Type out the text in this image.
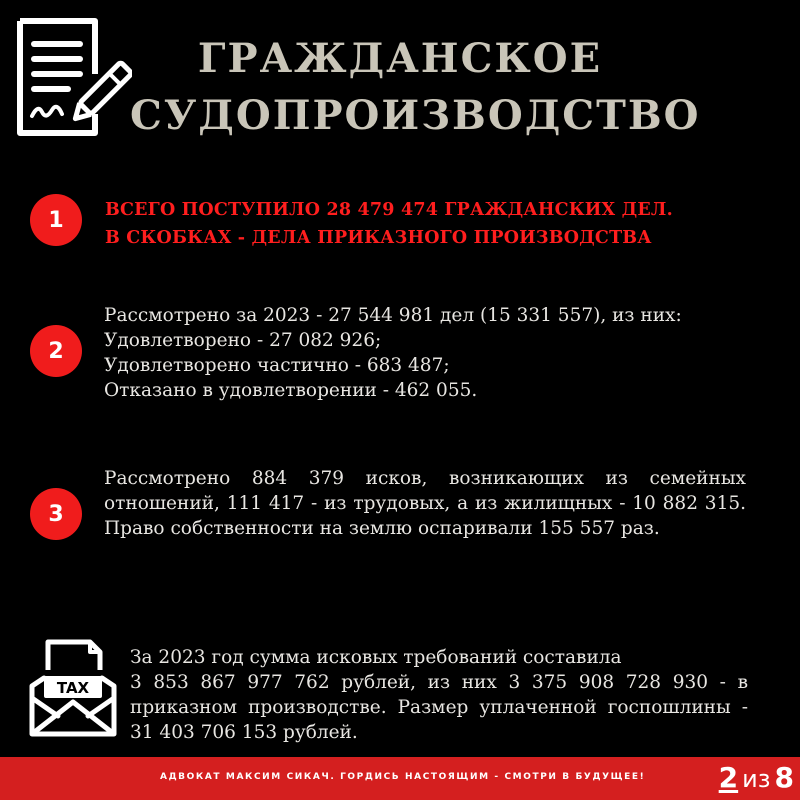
ГРАЖДАНСКОЕ
СУДОПРОИЗВОДСТВО
1	ВСЕГО ПОСТУПИЛО 28 479 474 ГРАЖДАНСКИХ ДЕЛ.
В СКОБКАХ - ДЕЛА ПРИКАЗНОГО ПРОИЗВОДСТВА
2
Рассмотрено за 2023 - 27 544 981 дел (15 331 557), из них:
Удовлетворено - 27 082 926;
Удовлетворено частично - 683 487;
Отказано в удовлетворении - 462 055.
3
Рассмотрено 884 379 исков, возникающих из семейных отношений, 111 417 - из трудовых, а из жилищных - 10 882 315. Право собственности на землю оспаривали 155 557 раз.
TAX
За 2023 год сумма исковых требований составила
3 853 867 977 762 рублей, из них 3 375 908 728 930 - в приказном производстве. Размер уплаченной госпошлины - 31 403 706 153 рублей.
АДВОКАТ МАКСИМ СИКАЧ. ГОРДИСЬ НАСТОЯЩИМ - СМОТРИ В БУДУЩЕЕ!	2 из 8
